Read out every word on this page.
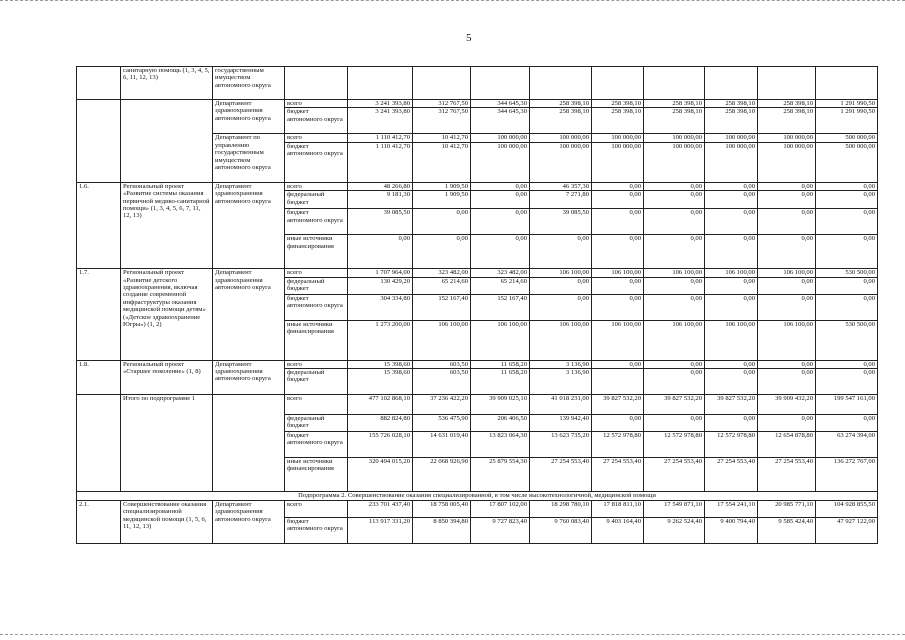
5
	санитарную помощь (1, 3, 4, 5, 6, 11, 12, 13)	государственным имуществом автономного округа										
		Департамент здравоохранения автономного округа	всего	3 241 393,80	312 767,50	344 645,30	258 398,10	258 398,10	258 398,10	258 398,10	258 398,10	1 291 990,50
			бюджет автономного округа	3 241 393,80	312 767,50	344 645,30	258 398,10	258 398,10	258 398,10	258 398,10	258 398,10	1 291 990,50
		Департамент по управлению государственным имуществом автономного округа	всего	1 110 412,70	10 412,70	100 000,00	100 000,00	100 000,00	100 000,00	100 000,00	100 000,00	500 000,00
			бюджет автономного округа	1 110 412,70	10 412,70	100 000,00	100 000,00	100 000,00	100 000,00	100 000,00	100 000,00	500 000,00
1.6.	Региональный проект «Развитие системы оказания первичной медико-санитарной помощи» (1, 3, 4, 5, 6, 7, 11, 12, 13)	Департамент здравоохранения автономного округа	всего	48 266,80	1 909,50	0,00	46 357,30	0,00	0,00	0,00	0,00	0,00
			федеральный бюджет	9 181,30	1 909,50	0,00	7 271,80	0,00	0,00	0,00	0,00	0,00
			бюджет автономного округа	39 085,50	0,00	0,00	39 085,50	0,00	0,00	0,00	0,00	0,00
			иные источники финансирования	0,00	0,00	0,00	0,00	0,00	0,00	0,00	0,00	0,00
1.7.	Региональный проект «Развитие детского здравоохранения, включая создание современной инфраструктуры оказания медицинской помощи детям» («Детское здравоохранение Югры») (1, 2)	Департамент здравоохранения автономного округа	всего	1 707 964,00	323 482,00	323 482,00	106 100,00	106 100,00	106 100,00	106 100,00	106 100,00	530 500,00
			федеральный бюджет	130 429,20	65 214,60	65 214,60	0,00	0,00	0,00	0,00	0,00	0,00
			бюджет автономного округа	304 334,80	152 167,40	152 167,40	0,00	0,00	0,00	0,00	0,00	0,00
			иные источники финансирования	1 273 200,00	106 100,00	106 100,00	106 100,00	106 100,00	106 100,00	106 100,00	106 100,00	530 500,00
1.8.	Региональный проект «Старшее поколение» (1, 8)	Департамент здравоохранения автономного округа	всего	15 398,60	603,50	11 658,20	3 136,90	0,00	0,00	0,00	0,00	0,00
			федеральный бюджет	15 398,60	603,50	11 658,20	3 136,90		0,00	0,00	0,00	0,00
	Итого по подпрограмме 1		всего	477 102 868,10	37 236 422,20	39 909 025,10	41 018 231,00	39 827 532,20	39 827 532,20	39 827 532,20	39 909 432,20	199 547 161,00
			федеральный бюджет	882 824,80	536 475,90	206 406,50	139 942,40	0,00	0,00	0,00	0,00	0,00
			бюджет автономного округа	155 726 028,10	14 631 019,40	13 823 064,30	13 623 735,20	12 572 978,80	12 572 978,80	12 572 978,80	12 654 878,80	63 274 394,00
			иные источники финансирования	320 494 015,20	22 068 926,90	25 879 554,30	27 254 553,40	27 254 553,40	27 254 553,40	27 254 553,40	27 254 553,40	136 272 767,00
Подпрограмма 2. Совершенствование оказания специализированной, в том числе высокотехнологичной, медицинской помощи												
2.1.	Совершенствование оказания специализированной медицинской помощи (1, 5, 6, 11, 12, 13)	Департамент здравоохранения автономного округа	всего	233 701 437,40	18 758 005,40	17 807 102,00	18 298 780,10	17 818 811,10	17 549 871,10	17 554 241,10	20 985 771,10	104 928 855,50
			бюджет автономного округа	113 917 331,20	8 850 394,80	9 727 823,40	9 760 083,40	9 403 164,40	9 262 524,40	9 400 794,40	9 585 424,40	47 927 122,00
